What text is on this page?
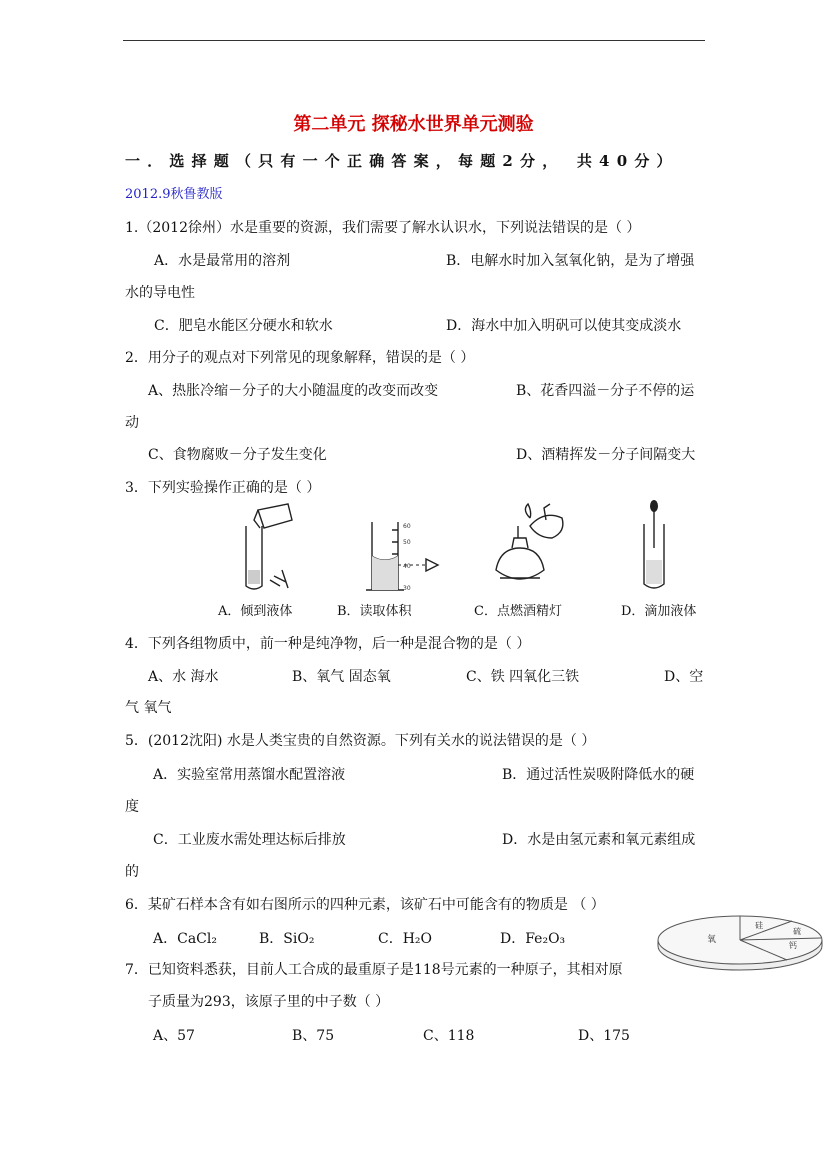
第二单元 探秘水世界单元测验
一．选择题（只有一个正确答案，每题2分， 共40分）
2012.9秋鲁教版
1.（2012徐州）水是重要的资源，我们需要了解水认识水，下列说法错误的是（ ）
A．水是最常用的溶剂	B．电解水时加入氢氧化钠，是为了增强
水的导电性
C．肥皂水能区分硬水和软水	D．海水中加入明矾可以使其变成淡水
2．用分子的观点对下列常见的现象解释，错误的是（ ）
A、热胀冷缩－分子的大小随温度的改变而改变	B、花香四溢－分子不停的运
动
C、食物腐败－分子发生变化	D、酒精挥发－分子间隔变大
3．下列实验操作正确的是（ ）
60
50
40
30
A．倾到液体	B．读取体积	C．点燃酒精灯	D．滴加液体
4．下列各组物质中，前一种是纯净物，后一种是混合物的是（ ）
A、水 海水	B、氧气 固态氧	C、铁 四氧化三铁	D、空
气 氧气
5．(2012沈阳) 水是人类宝贵的自然资源。下列有关水的说法错误的是（ ）
A．实验室常用蒸馏水配置溶液	B．通过活性炭吸附降低水的硬
度
C．工业废水需处理达标后排放	D．水是由氢元素和氧元素组成
的
6．某矿石样本含有如右图所示的四种元素，该矿石中可能含有的物质是 （ ）
A．CaCl₂	B．SiO₂	C．H₂O	D．Fe₂O₃	氧
硅
硫
钙
7．已知资料悉获，目前人工合成的最重原子是118号元素的一种原子，其相对原
子质量为293，该原子里的中子数（ ）
A、57	B、75	C、118	D、175
